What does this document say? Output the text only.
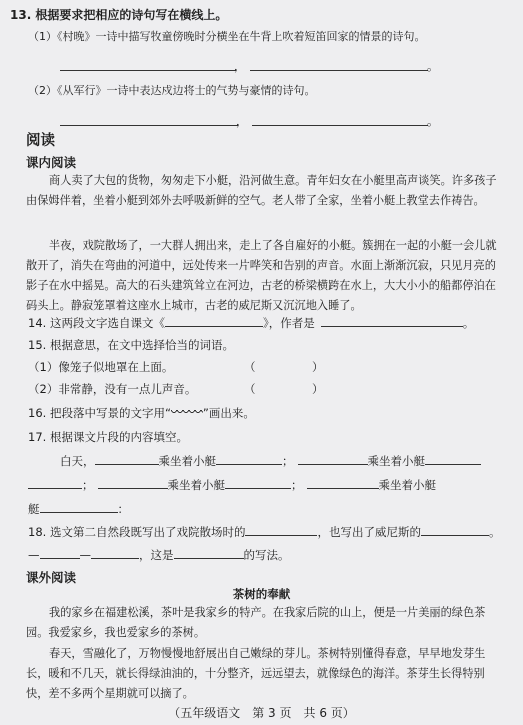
13. 根据要求把相应的诗句写在横线上。
（1）《村晚》一诗中描写牧童傍晚时分横坐在牛背上吹着短笛回家的情景的诗句。
，	。
（2）《从军行》一诗中表达戍边将士的气势与豪情的诗句。
，	。
阅读
课内阅读
商人卖了大包的货物，匆匆走下小艇，沿河做生意。青年妇女在小艇里高声谈笑。许多孩子由保姆伴着，坐着小艇到郊外去呼吸新鲜的空气。老人带了全家，坐着小艇上教堂去作祷告。
半夜，戏院散场了，一大群人拥出来，走上了各自雇好的小艇。簇拥在一起的小艇一会儿就散开了，消失在弯曲的河道中，远处传来一片哗笑和告别的声音。水面上渐渐沉寂，只见月亮的影子在水中摇晃。高大的石头建筑耸立在河边，古老的桥梁横跨在水上，大大小小的船都停泊在码头上。静寂笼罩着这座水上城市，古老的威尼斯又沉沉地入睡了。
14. 这两段文字选自课文《	》，作者是	。
15. 根据意思，在文中选择恰当的词语。
（1）像笼子似地罩在上面。	（	）
（2）非常静，没有一点儿声音。	（	）
16. 把段落中写景的文字用“	”画出来。
17. 根据课文片段的内容填空。
白天，	乘坐着小艇	；	乘坐着小艇
；	乘坐着小艇	；	乘坐着小艇
艇	：
18. 选文第二自然段既写出了戏院散场时的	，也写出了威尼斯的	。
—	—	，这是	的写法。
课外阅读
茶树的奉献
我的家乡在福建松溪，茶叶是我家乡的特产。在我家后院的山上，便是一片美丽的绿色茶园。我爱家乡，我也爱家乡的茶树。
春天，雪融化了，万物慢慢地舒展出自己嫩绿的芽儿。茶树特别懂得春意，早早地发芽生长，暖和不几天，就长得绿油油的，十分整齐，远远望去，就像绿色的海洋。茶芽生长得特别快，差不多两个星期就可以摘了。
（五年级语文　第 3 页　共 6 页）
